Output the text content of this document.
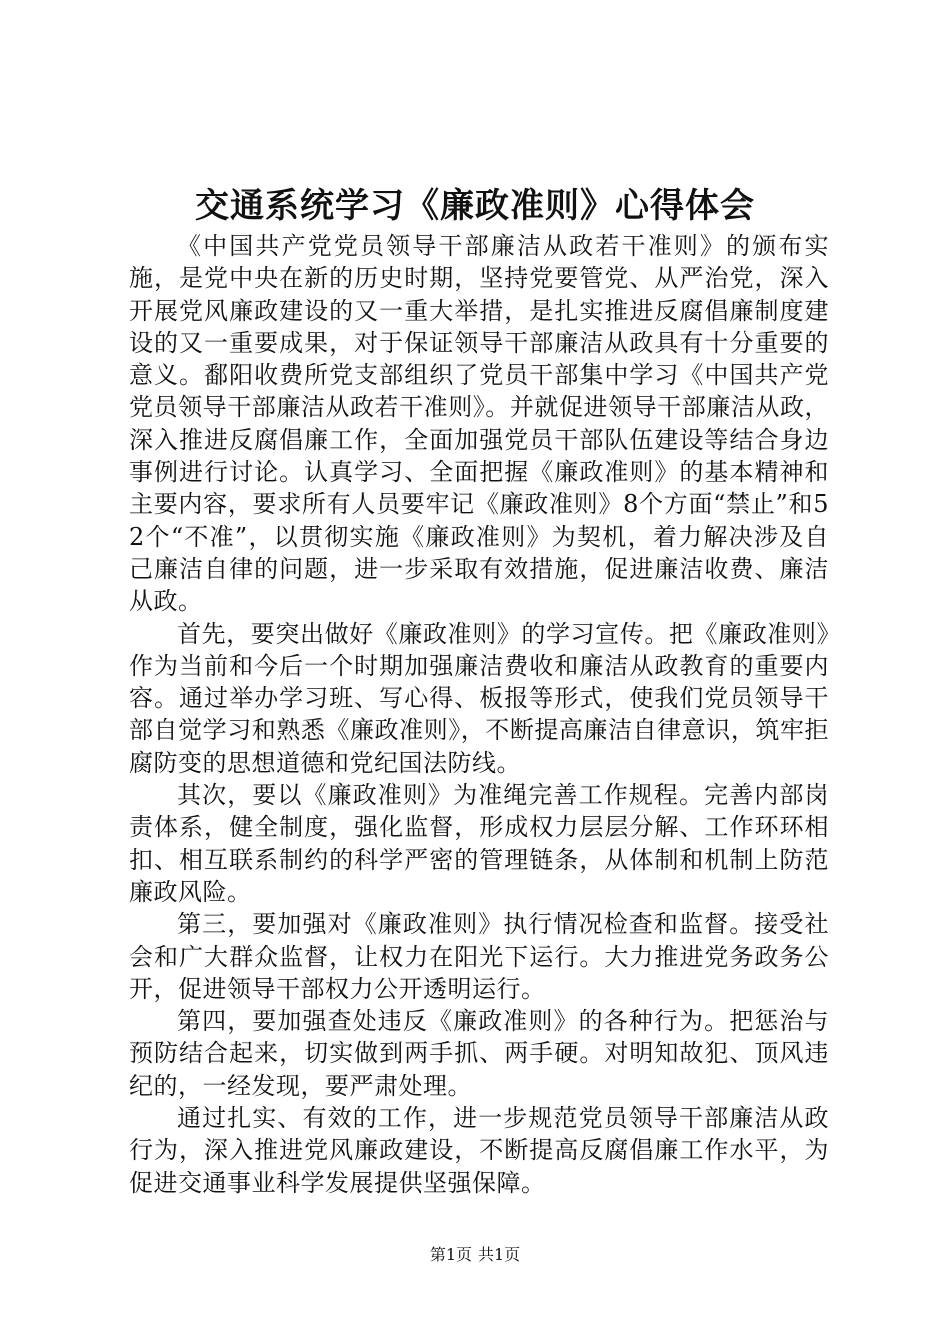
交通系统学习《廉政准则》心得体会

《中国共产党党员领导干部廉洁从政若干准则》的颁布实施，是党中央在新的历史时期，坚持党要管党、从严治党，深入开展党风廉政建设的又一重大举措，是扎实推进反腐倡廉制度建设的又一重要成果，对于保证领导干部廉洁从政具有十分重要的意义。鄱阳收费所党支部组织了党员干部集中学习《中国共产党党员领导干部廉洁从政若干准则》。并就促进领导干部廉洁从政，深入推进反腐倡廉工作，全面加强党员干部队伍建设等结合身边事例进行讨论。认真学习、全面把握《廉政准则》的基本精神和主要内容，要求所有人员要牢记《廉政准则》8个方面“禁止”和52个“不准”，以贯彻实施《廉政准则》为契机，着力解决涉及自己廉洁自律的问题，进一步采取有效措施，促进廉洁收费、廉洁从政。

首先，要突出做好《廉政准则》的学习宣传。把《廉政准则》作为当前和今后一个时期加强廉洁费收和廉洁从政教育的重要内容。通过举办学习班、写心得、板报等形式，使我们党员领导干部自觉学习和熟悉《廉政准则》，不断提高廉洁自律意识，筑牢拒腐防变的思想道德和党纪国法防线。

其次，要以《廉政准则》为准绳完善工作规程。完善内部岗责体系，健全制度，强化监督，形成权力层层分解、工作环环相扣、相互联系制约的科学严密的管理链条，从体制和机制上防范廉政风险。

第三，要加强对《廉政准则》执行情况检查和监督。接受社会和广大群众监督，让权力在阳光下运行。大力推进党务政务公开，促进领导干部权力公开透明运行。

第四，要加强查处违反《廉政准则》的各种行为。把惩治与预防结合起来，切实做到两手抓、两手硬。对明知故犯、顶风违纪的，一经发现，要严肃处理。

通过扎实、有效的工作，进一步规范党员领导干部廉洁从政行为，深入推进党风廉政建设，不断提高反腐倡廉工作水平，为促进交通事业科学发展提供坚强保障。

第1页 共1页
